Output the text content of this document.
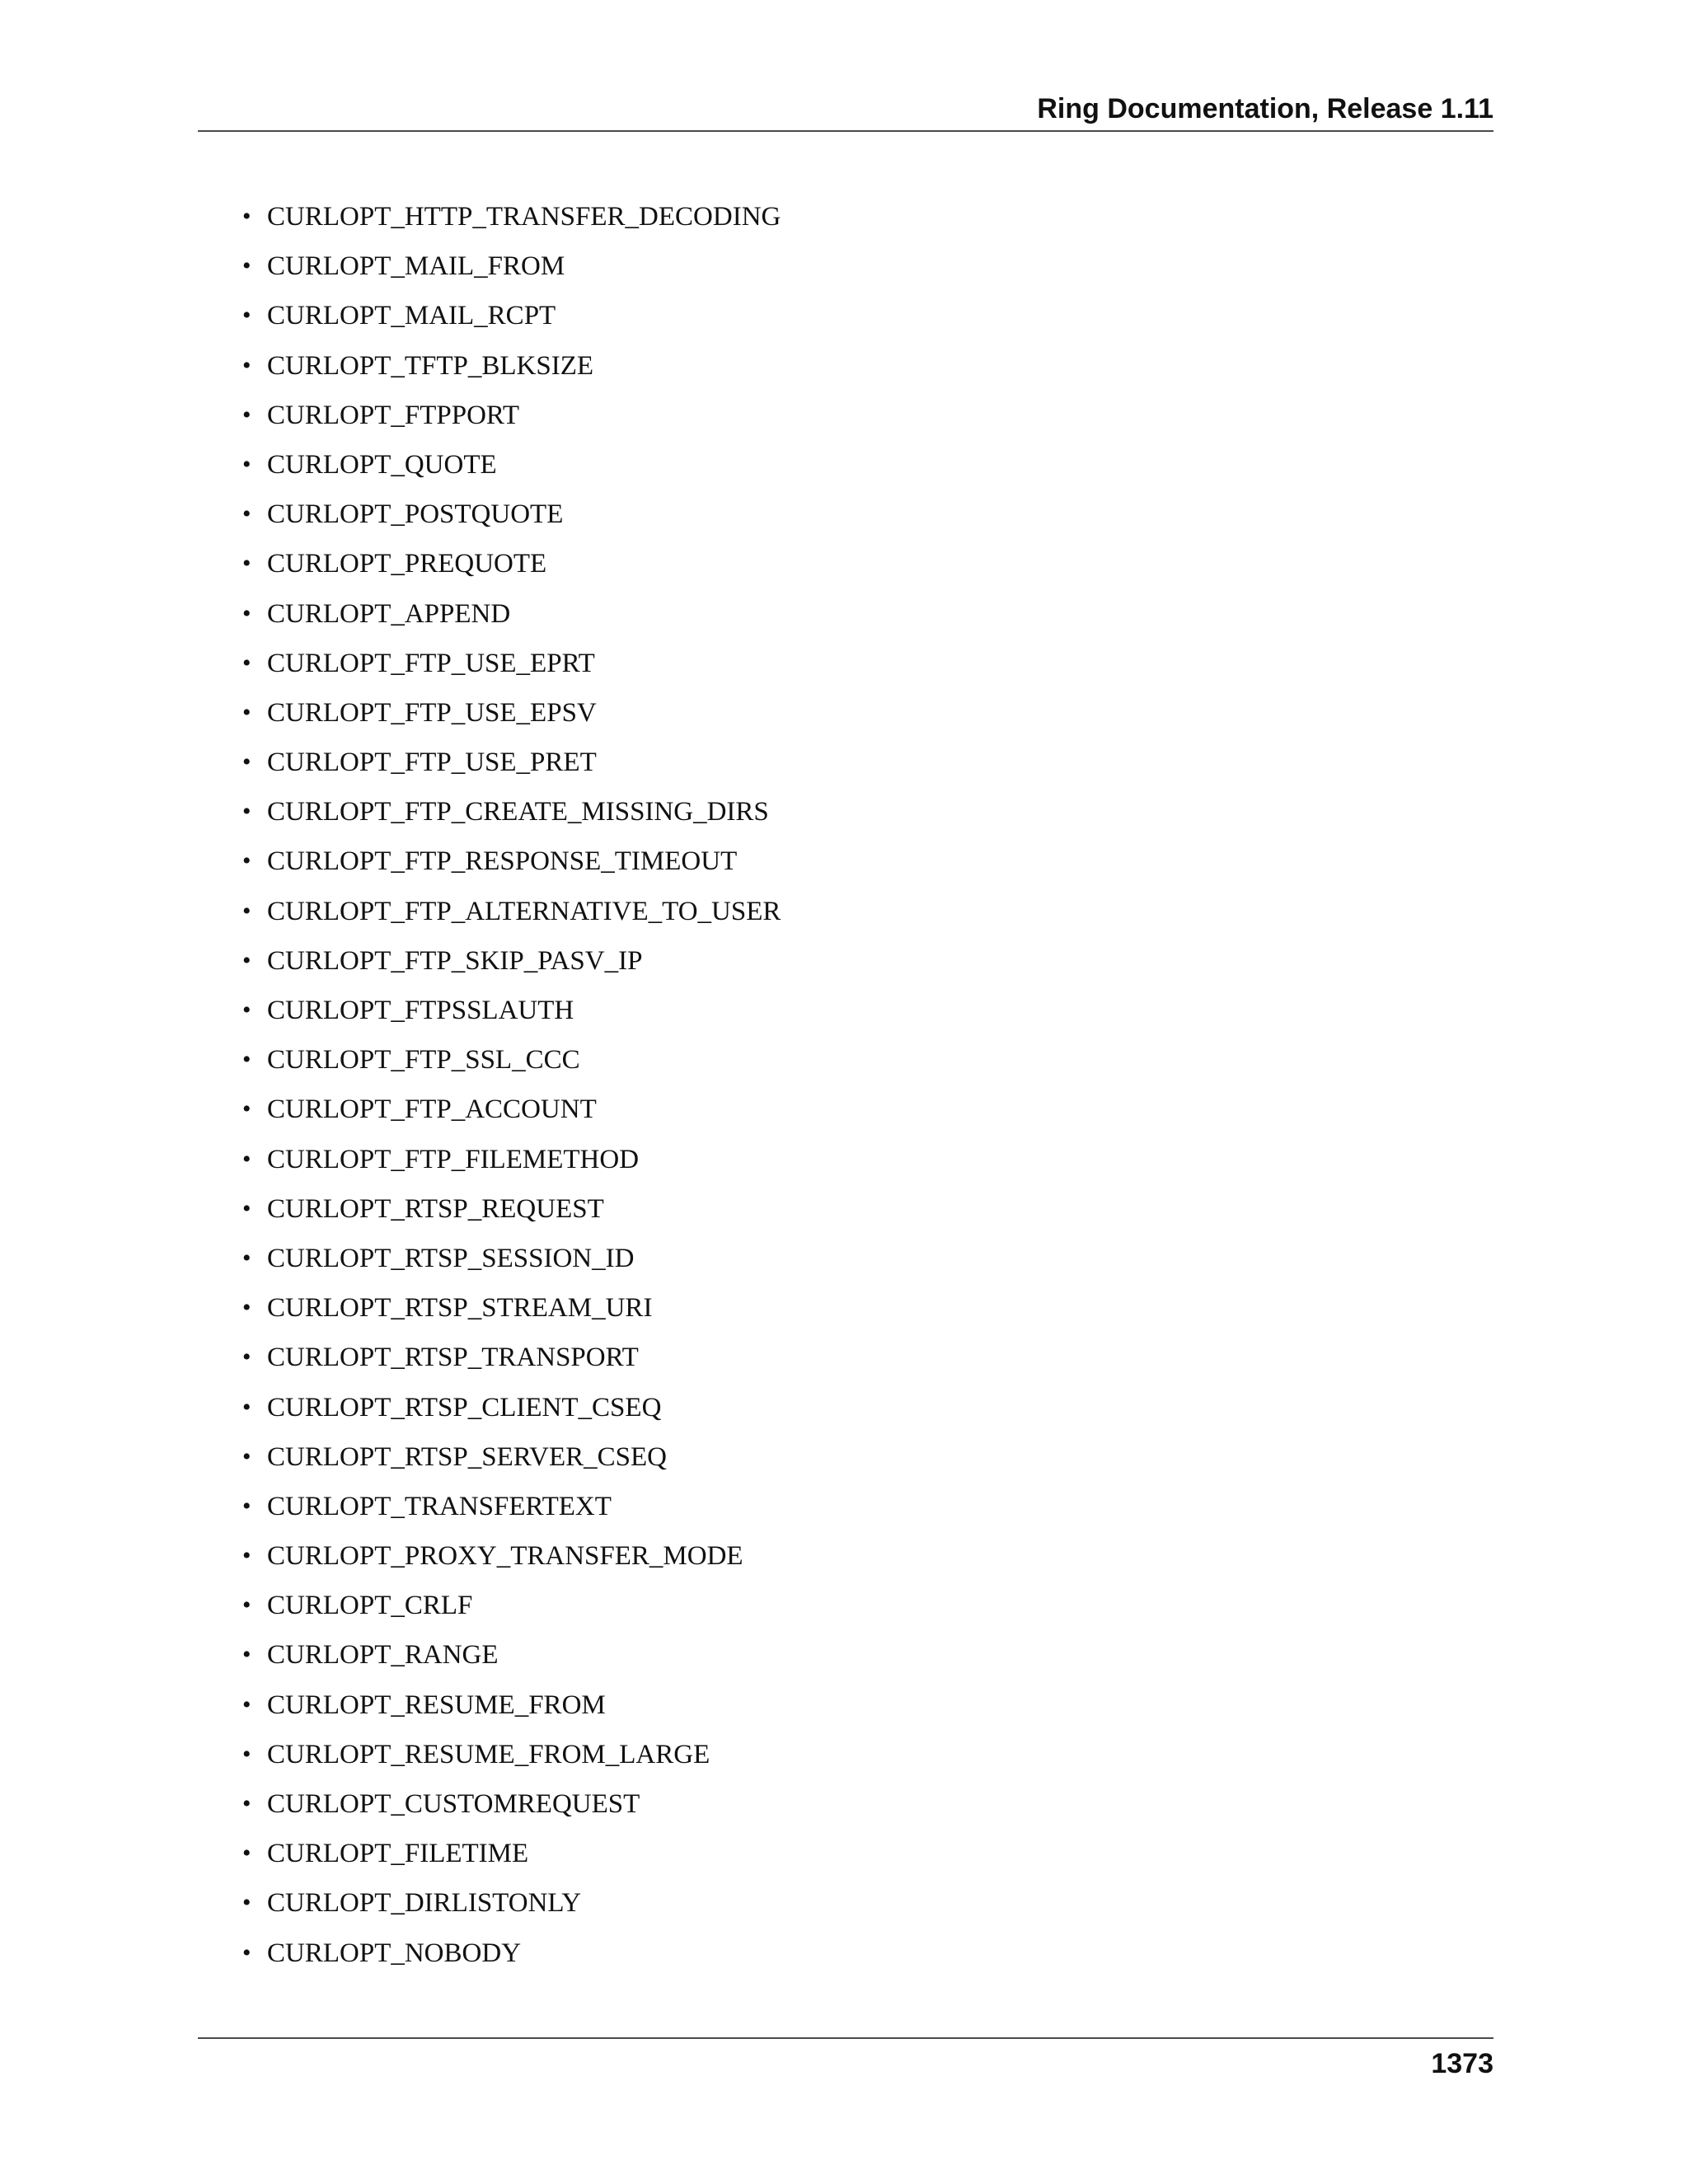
Ring Documentation, Release 1.11
• CURLOPT_HTTP_TRANSFER_DECODING
• CURLOPT_MAIL_FROM
• CURLOPT_MAIL_RCPT
• CURLOPT_TFTP_BLKSIZE
• CURLOPT_FTPPORT
• CURLOPT_QUOTE
• CURLOPT_POSTQUOTE
• CURLOPT_PREQUOTE
• CURLOPT_APPEND
• CURLOPT_FTP_USE_EPRT
• CURLOPT_FTP_USE_EPSV
• CURLOPT_FTP_USE_PRET
• CURLOPT_FTP_CREATE_MISSING_DIRS
• CURLOPT_FTP_RESPONSE_TIMEOUT
• CURLOPT_FTP_ALTERNATIVE_TO_USER
• CURLOPT_FTP_SKIP_PASV_IP
• CURLOPT_FTPSSLAUTH
• CURLOPT_FTP_SSL_CCC
• CURLOPT_FTP_ACCOUNT
• CURLOPT_FTP_FILEMETHOD
• CURLOPT_RTSP_REQUEST
• CURLOPT_RTSP_SESSION_ID
• CURLOPT_RTSP_STREAM_URI
• CURLOPT_RTSP_TRANSPORT
• CURLOPT_RTSP_CLIENT_CSEQ
• CURLOPT_RTSP_SERVER_CSEQ
• CURLOPT_TRANSFERTEXT
• CURLOPT_PROXY_TRANSFER_MODE
• CURLOPT_CRLF
• CURLOPT_RANGE
• CURLOPT_RESUME_FROM
• CURLOPT_RESUME_FROM_LARGE
• CURLOPT_CUSTOMREQUEST
• CURLOPT_FILETIME
• CURLOPT_DIRLISTONLY
• CURLOPT_NOBODY
1373
